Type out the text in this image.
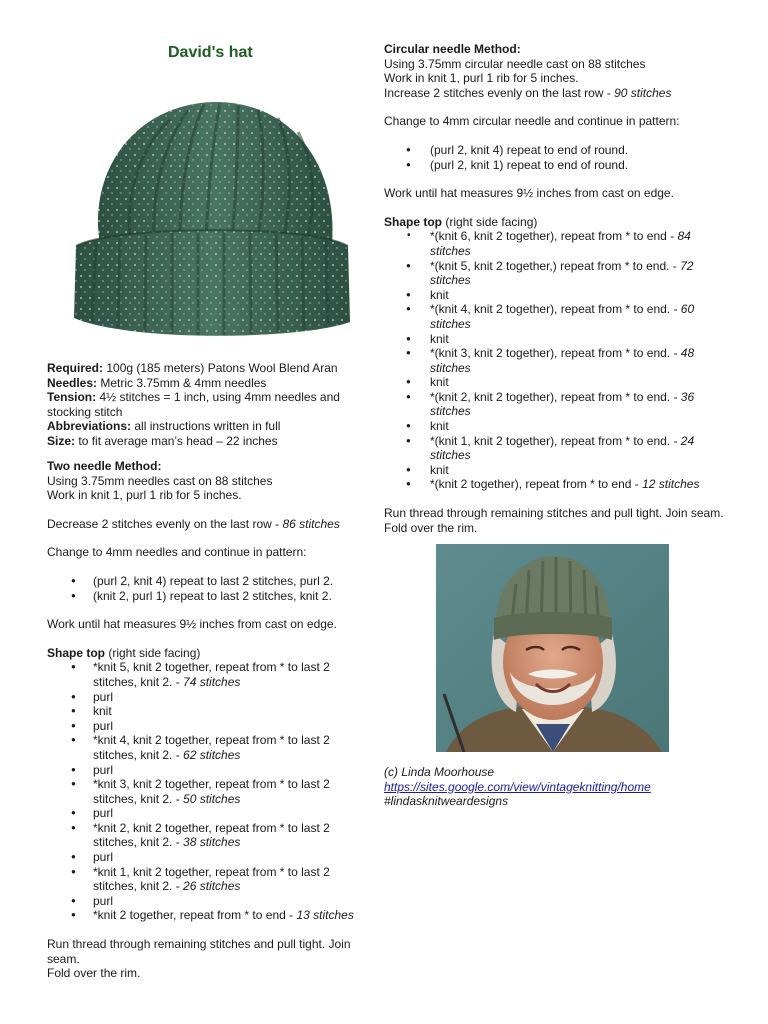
David's hat
Required: 100g (185 meters) Patons Wool Blend Aran
Needles: Metric 3.75mm & 4mm needles
Tension: 4½ stitches = 1 inch, using 4mm needles and stocking stitch
Abbreviations: all instructions written in full
Size: to fit average man’s head – 22 inches
Two needle Method:
Using 3.75mm needles cast on 88 stitches
Work in knit 1, purl 1 rib for 5 inches.
Decrease 2 stitches evenly on the last row - 86 stitches
Change to 4mm needles and continue in pattern:
● (purl 2, knit 4) repeat to last 2 stitches, purl 2.
● (knit 2, purl 1) repeat to last 2 stitches, knit 2.
Work until hat measures 9½ inches from cast on edge.
Shape top (right side facing)
● *knit 5, knit 2 together, repeat from * to last 2 stitches, knit 2. - 74 stitches
● purl
● knit
● purl
● *knit 4, knit 2 together, repeat from * to last 2 stitches, knit 2. - 62 stitches
● purl
● *knit 3, knit 2 together, repeat from * to last 2 stitches, knit 2. - 50 stitches
● purl
● *knit 2, knit 2 together, repeat from * to last 2 stitches, knit 2. - 38 stitches
● purl
● *knit 1, knit 2 together, repeat from * to last 2 stitches, knit 2. - 26 stitches
● purl
● *knit 2 together, repeat from * to end - 13 stitches
Run thread through remaining stitches and pull tight. Join seam.
Fold over the rim.
Circular needle Method:
Using 3.75mm circular needle cast on 88 stitches
Work in knit 1, purl 1 rib for 5 inches.
Increase 2 stitches evenly on the last row - 90 stitches
Change to 4mm circular needle and continue in pattern:
● (purl 2, knit 4) repeat to end of round.
● (purl 2, knit 1) repeat to end of round.
Work until hat measures 9½ inches from cast on edge.
Shape top (right side facing)
• *(knit 6, knit 2 together), repeat from * to end - 84 stitches
● *(knit 5, knit 2 together,) repeat from * to end. - 72 stitches
● knit
● *(knit 4, knit 2 together), repeat from * to end. - 60 stitches
● knit
● *(knit 3, knit 2 together), repeat from * to end. - 48 stitches
● knit
● *(knit 2, knit 2 together), repeat from * to end. - 36 stitches
● knit
● *(knit 1, knit 2 together), repeat from * to end. - 24 stitches
● knit
● *(knit 2 together), repeat from * to end - 12 stitches
Run thread through remaining stitches and pull tight. Join seam. Fold over the rim.
(c) Linda Moorhouse
https://sites.google.com/view/vintageknitting/home
#lindasknitweardesigns
